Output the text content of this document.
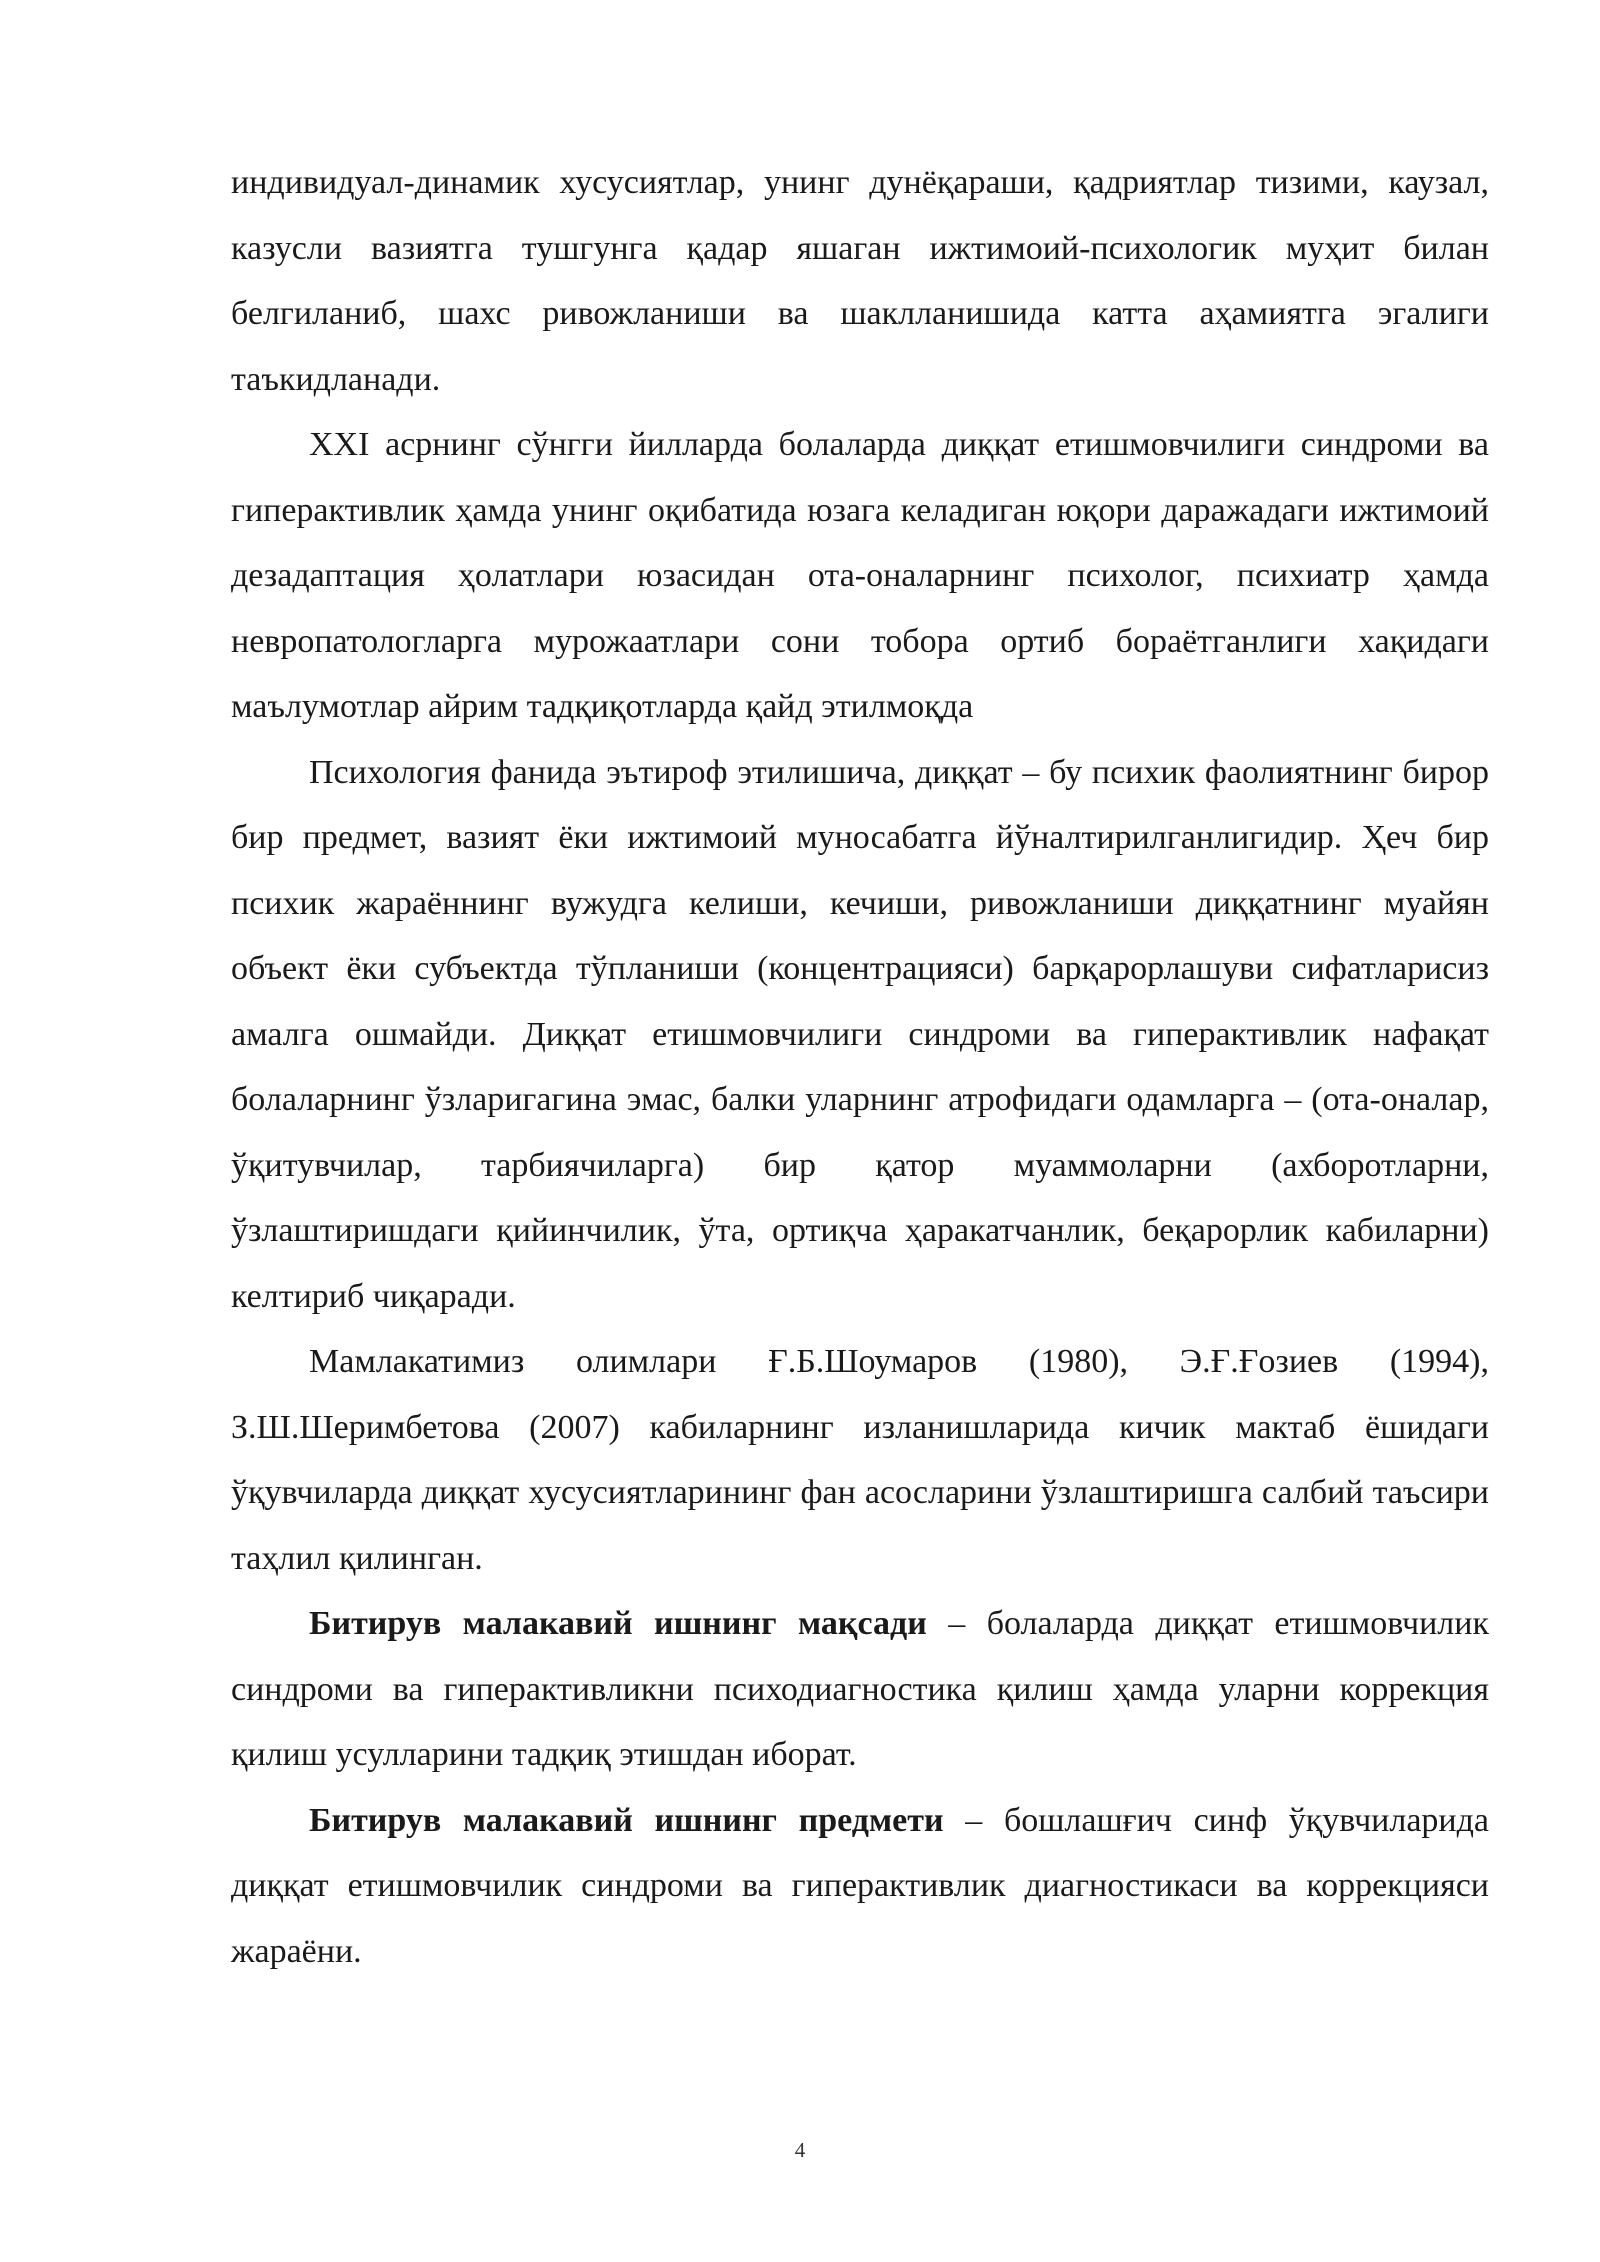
индивидуал-динамик хусусиятлар, унинг дунёқараши, қадриятлар тизими, каузал, казусли вазиятга тушгунга қадар яшаган ижтимоий-психологик муҳит билан белгиланиб, шахс ривожланиши ва шаклланишида катта аҳамиятга эгалиги таъкидланади.

XXI асрнинг сўнгги йилларда болаларда диққат етишмовчилиги синдроми ва гиперактивлик ҳамда унинг оқибатида юзага келадиган юқори даражадаги ижтимоий дезадаптация ҳолатлари юзасидан ота-оналарнинг психолог, психиатр ҳамда невропатологларга мурожаатлари сони тобора ортиб бораётганлиги хақидаги маълумотлар айрим тадқиқотларда қайд этилмоқда

Психология фанида эътироф этилишича, диққат – бу психик фаолиятнинг бирор бир предмет, вазият ёки ижтимоий муносабатга йўналтирилганлигидир. Ҳеч бир психик жараённинг вужудга келиши, кечиши, ривожланиши диққатнинг муайян объект ёки субъектда тўпланиши (концентрацияси) барқарорлашуви сифатларисиз амалга ошмайди. Диққат етишмовчилиги синдроми ва гиперактивлик нафақат болаларнинг ўзларигагина эмас, балки уларнинг атрофидаги одамларга – (ота-оналар, ўқитувчилар, тарбиячиларга) бир қатор муаммоларни (ахборотларни, ўзлаштиришдаги қийинчилик, ўта, ортиқча ҳаракатчанлик, беқарорлик кабиларни) келтириб чиқаради.

Мамлакатимиз олимлари Ғ.Б.Шоумаров (1980), Э.Ғ.Ғозиев (1994), З.Ш.Шеримбетова (2007) кабиларнинг изланишларида кичик мактаб ёшидаги ўқувчиларда диққат хусусиятларининг фан асосларини ўзлаштиришга салбий таъсири таҳлил қилинган.

Битирув малакавий ишнинг мақсади – болаларда диққат етишмовчилик синдроми ва гиперактивликни психодиагностика қилиш ҳамда уларни коррекция қилиш усулларини тадқиқ этишдан иборат.

Битирув малакавий ишнинг предмети – бошлашғич синф ўқувчиларида диққат етишмовчилик синдроми ва гиперактивлик диагностикаси ва коррекцияси жараёни.

4
